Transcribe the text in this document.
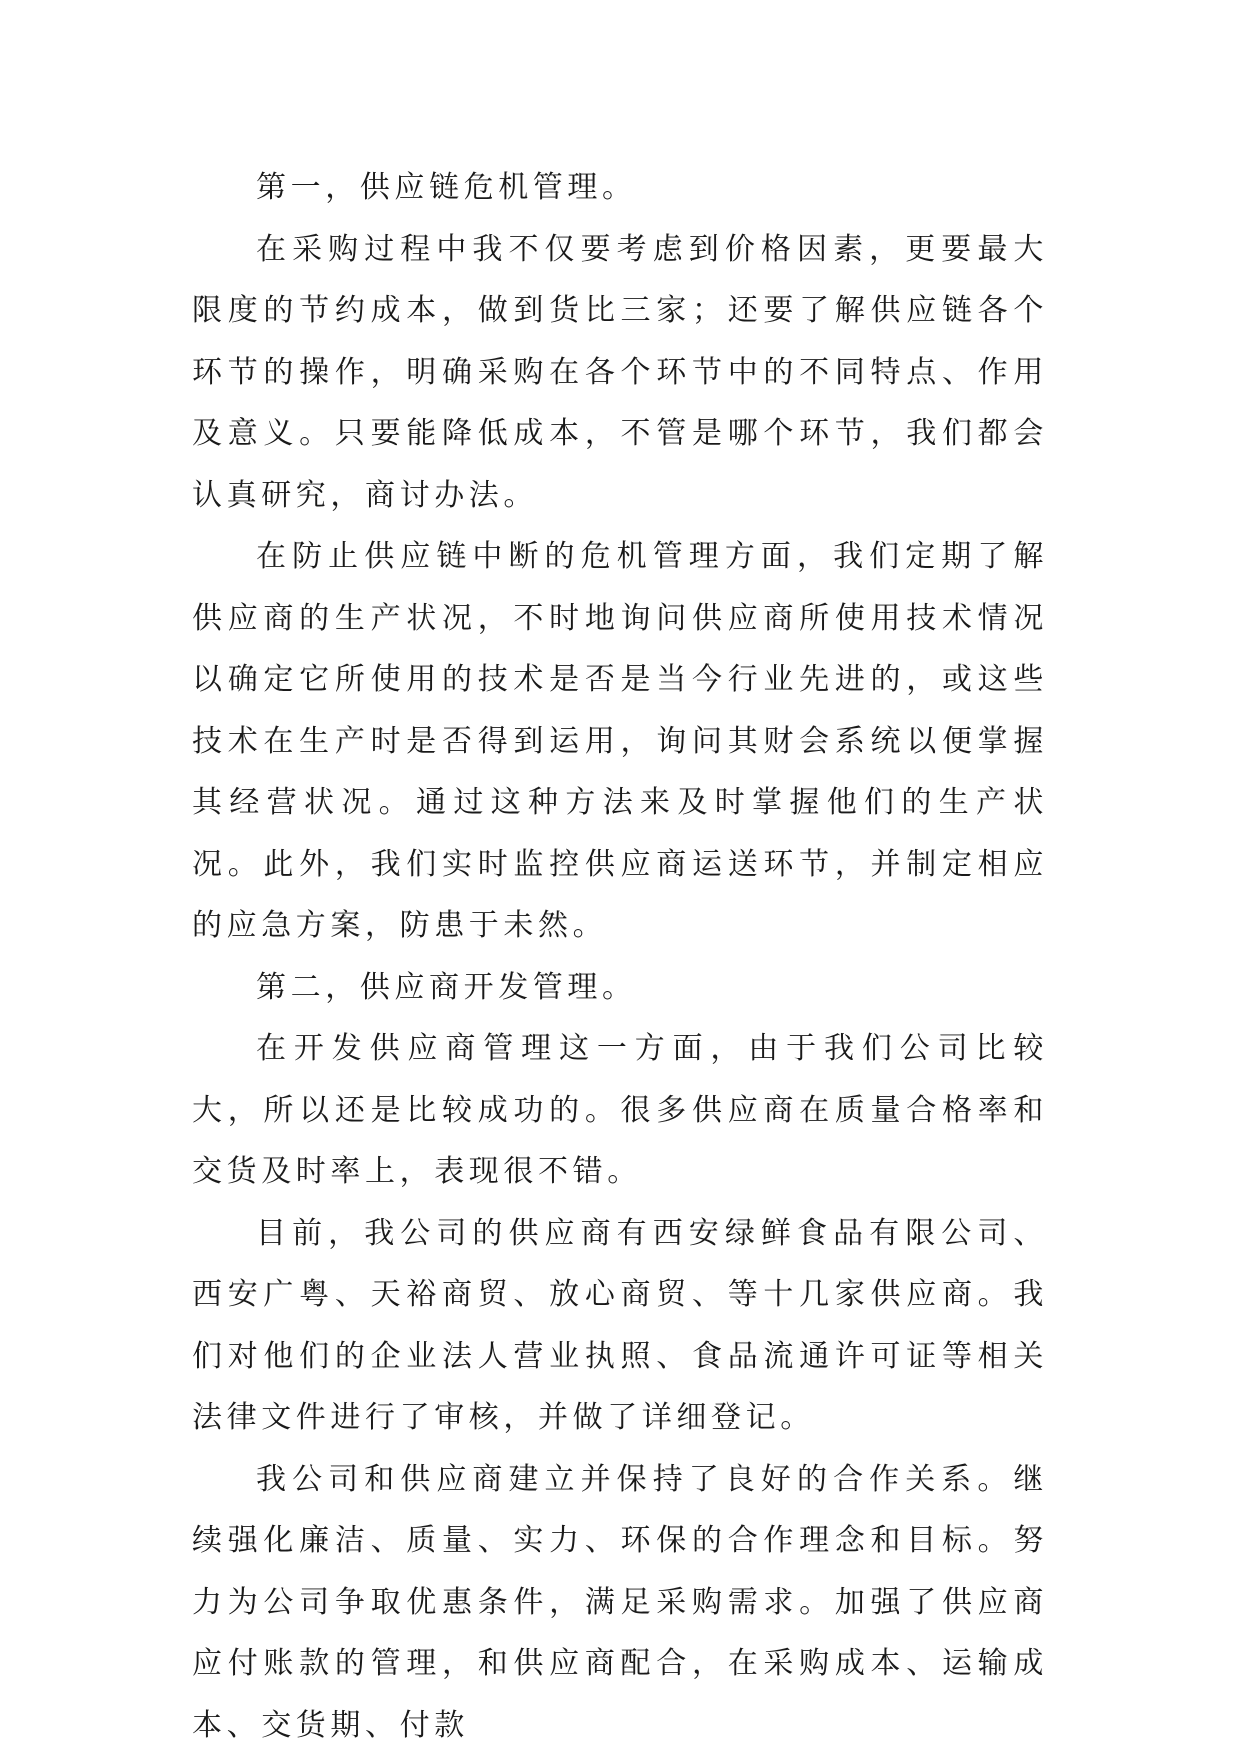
第一，供应链危机管理。

在采购过程中我不仅要考虑到价格因素，更要最大限度的节约成本，做到货比三家；还要了解供应链各个环节的操作，明确采购在各个环节中的不同特点、作用及意义。只要能降低成本，不管是哪个环节，我们都会认真研究，商讨办法。

在防止供应链中断的危机管理方面，我们定期了解供应商的生产状况，不时地询问供应商所使用技术情况以确定它所使用的技术是否是当今行业先进的，或这些技术在生产时是否得到运用，询问其财会系统以便掌握其经营状况。通过这种方法来及时掌握他们的生产状况。此外，我们实时监控供应商运送环节，并制定相应的应急方案，防患于未然。

第二，供应商开发管理。

在开发供应商管理这一方面，由于我们公司比较大，所以还是比较成功的。很多供应商在质量合格率和交货及时率上，表现很不错。

目前，我公司的供应商有西安绿鲜食品有限公司、西安广粤、天裕商贸、放心商贸、等十几家供应商。我们对他们的企业法人营业执照、食品流通许可证等相关法律文件进行了审核，并做了详细登记。

我公司和供应商建立并保持了良好的合作关系。继续强化廉洁、质量、实力、环保的合作理念和目标。努力为公司争取优惠条件，满足采购需求。加强了供应商应付账款的管理，和供应商配合，在采购成本、运输成本、交货期、付款
